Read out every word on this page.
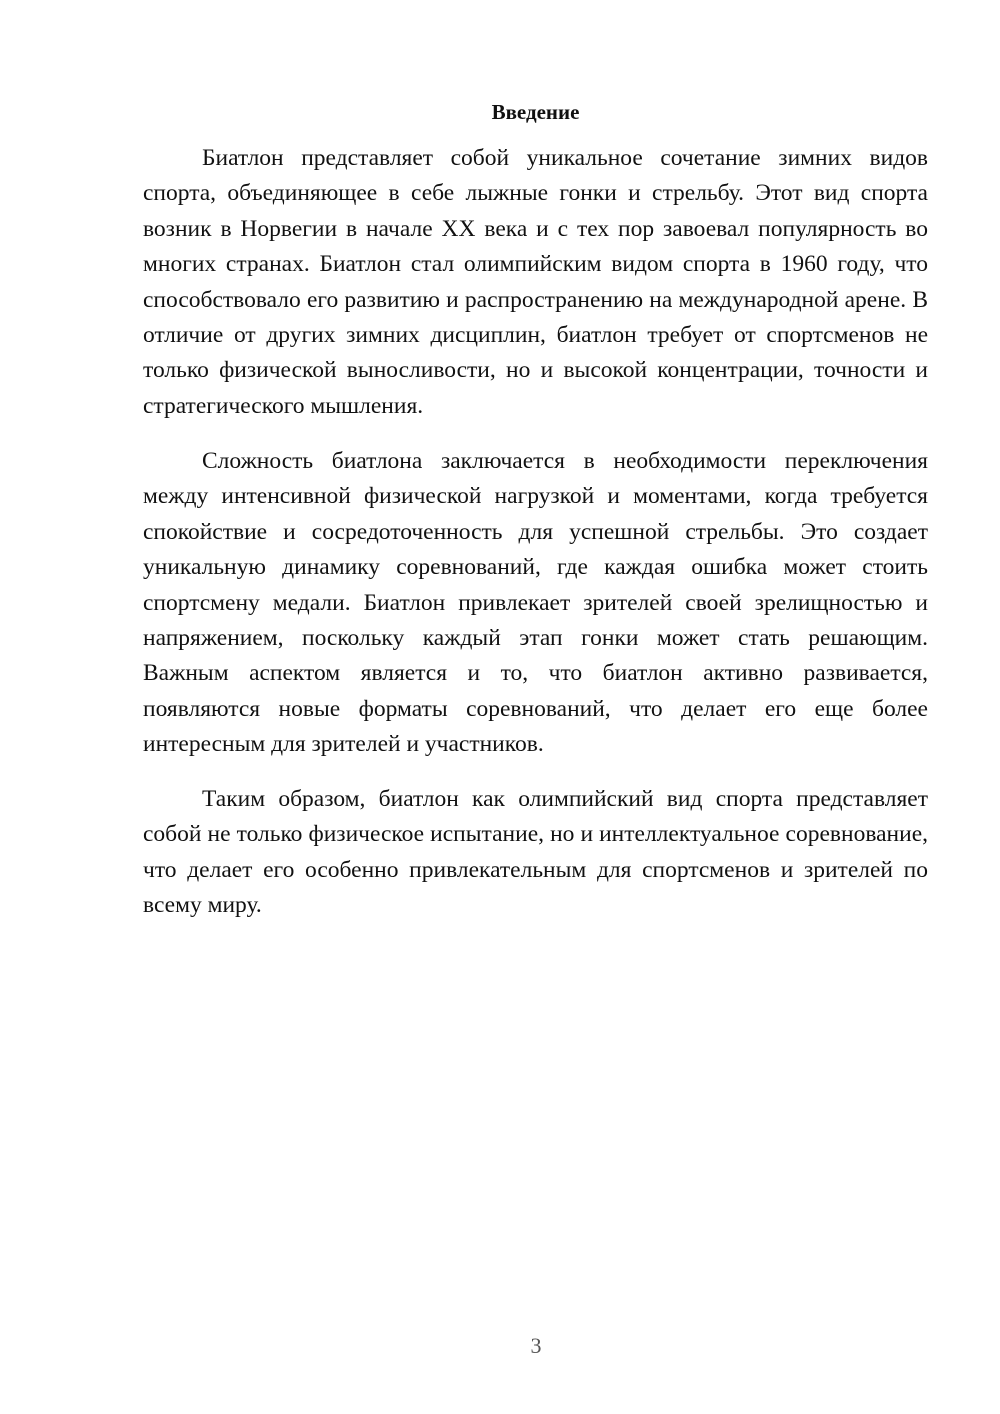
Введение

Биатлон представляет собой уникальное сочетание зимних видов спорта, объединяющее в себе лыжные гонки и стрельбу. Этот вид спорта возник в Норвегии в начале XX века и с тех пор завоевал популярность во многих странах. Биатлон стал олимпийским видом спорта в 1960 году, что способствовало его развитию и распространению на международной арене. В отличие от других зимних дисциплин, биатлон требует от спортсменов не только физической выносливости, но и высокой концентрации, точности и стратегического мышления.

Сложность биатлона заключается в необходимости переключения между интенсивной физической нагрузкой и моментами, когда требуется спокойствие и сосредоточенность для успешной стрельбы. Это создает уникальную динамику соревнований, где каждая ошибка может стоить спортсмену медали. Биатлон привлекает зрителей своей зрелищностью и напряжением, поскольку каждый этап гонки может стать решающим. Важным аспектом является и то, что биатлон активно развивается, появляются новые форматы соревнований, что делает его еще более интересным для зрителей и участников.

Таким образом, биатлон как олимпийский вид спорта представляет собой не только физическое испытание, но и интеллектуальное соревнование, что делает его особенно привлекательным для спортсменов и зрителей по всему миру.

3
